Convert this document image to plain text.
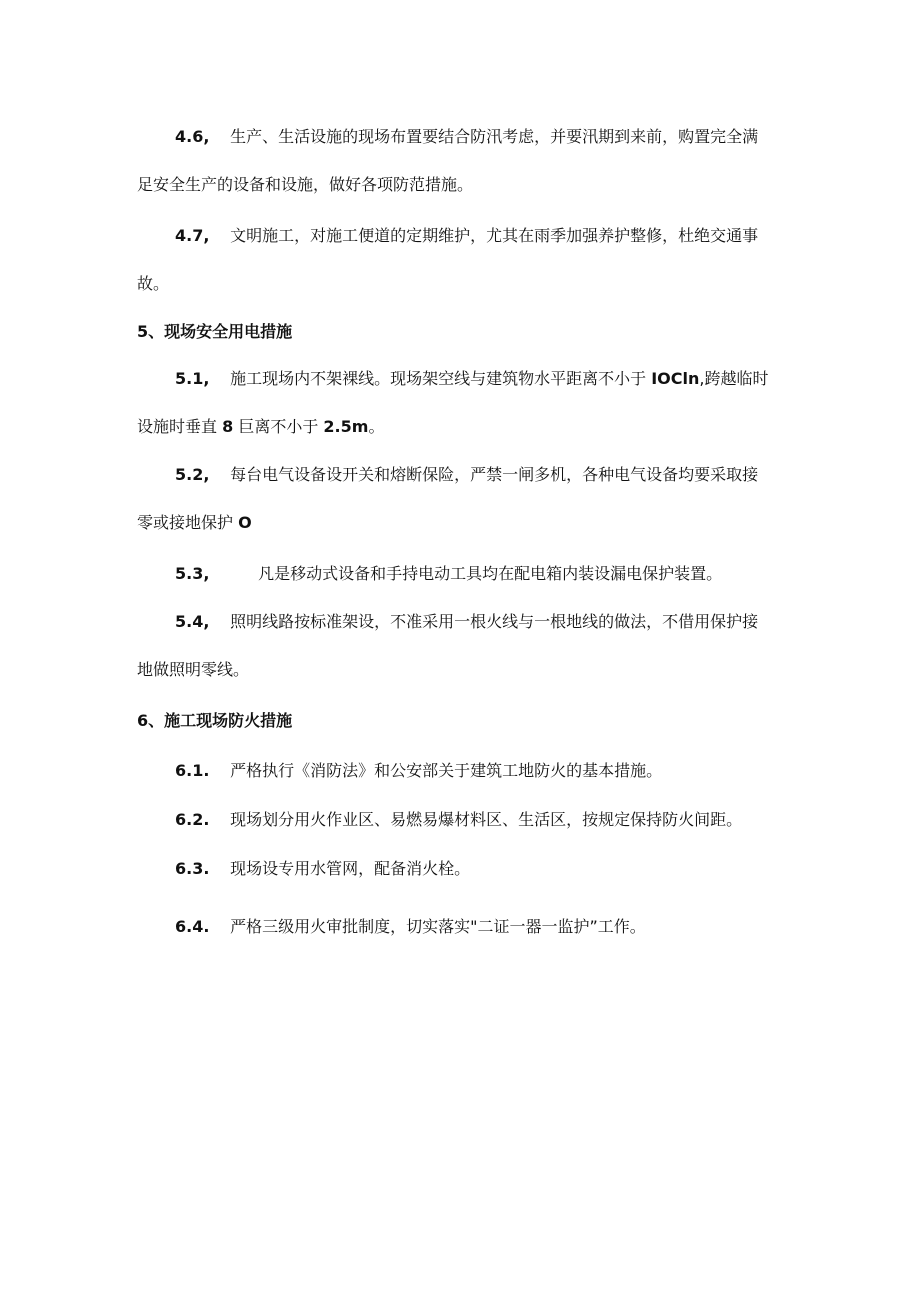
4.6, 生产、生活设施的现场布置要结合防汛考虑，并要汛期到来前，购置完全满
足安全生产的设备和设施，做好各项防范措施。
4.7, 文明施工，对施工便道的定期维护，尤其在雨季加强养护整修，杜绝交通事
故。
5、现场安全用电措施
5.1, 施工现场内不架裸线。现场架空线与建筑物水平距离不小于 IOCln,跨越临时
设施时垂直 8 巨离不小于 2.5m。
5.2, 每台电气设备设开关和熔断保险，严禁一闸多机，各种电气设备均要采取接
零或接地保护 O
5.3,	凡是移动式设备和手持电动工具均在配电箱内装设漏电保护装置。
5.4, 照明线路按标准架设，不准采用一根火线与一根地线的做法，不借用保护接
地做照明零线。
6、施工现场防火措施
6.1. 严格执行《消防法》和公安部关于建筑工地防火的基本措施。
6.2. 现场划分用火作业区、易燃易爆材料区、生活区，按规定保持防火间距。
6.3. 现场设专用水管网，配备消火栓。
6.4. 严格三级用火审批制度，切实落实"二证一器一监护”工作。
